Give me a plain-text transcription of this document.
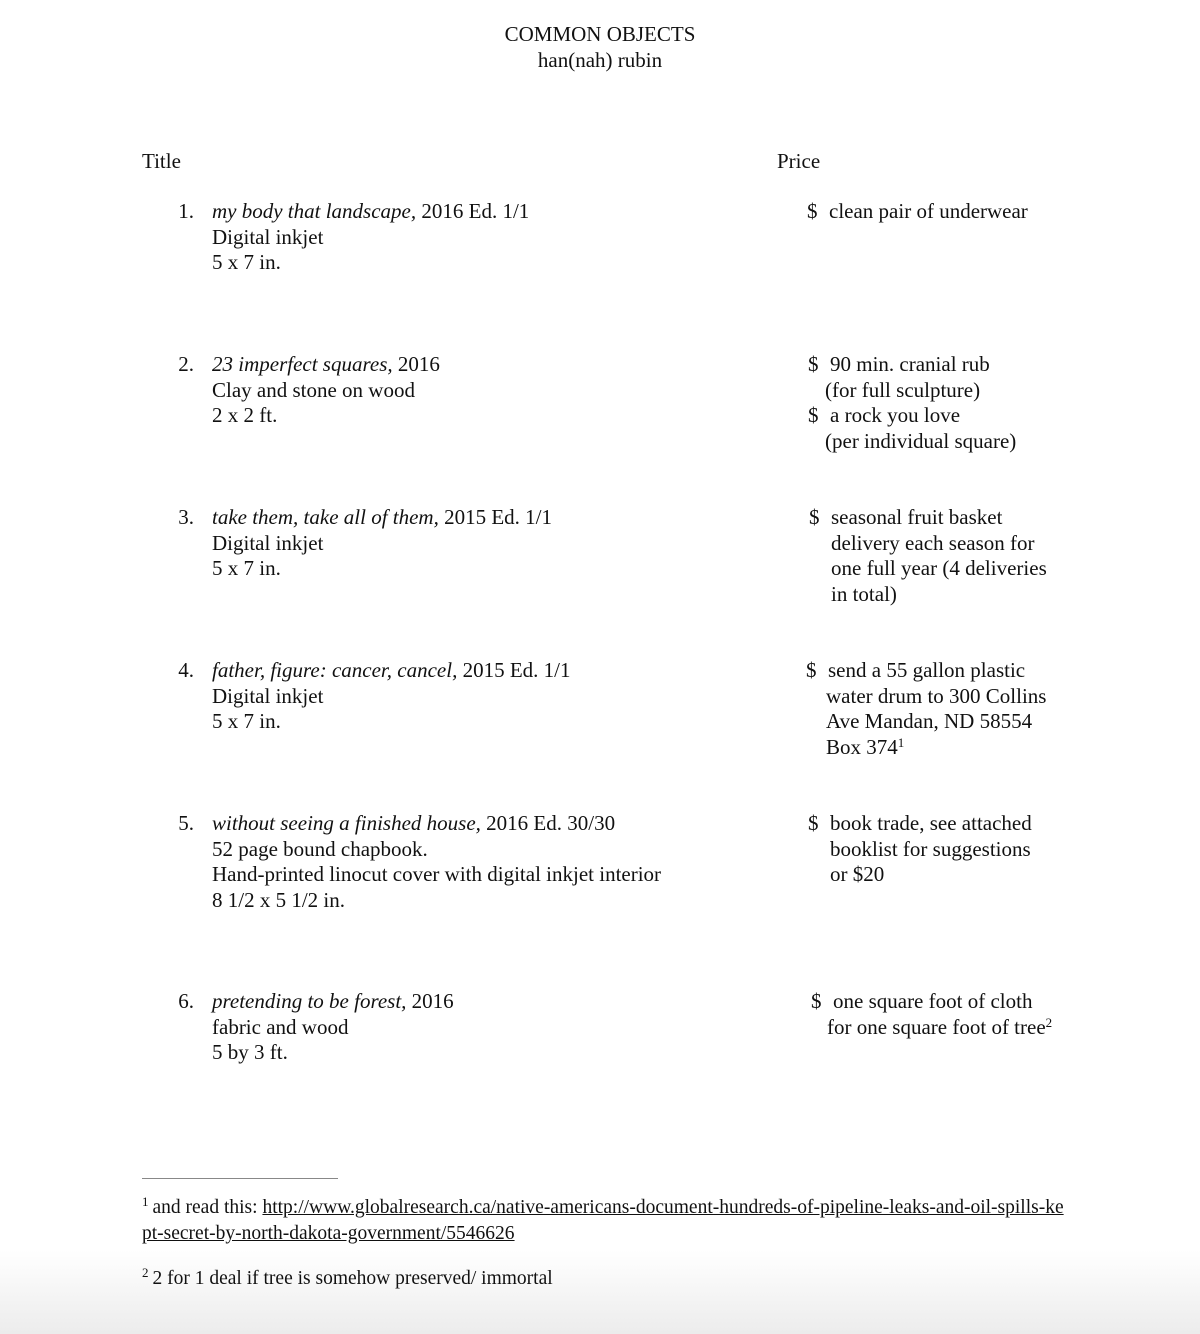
COMMON OBJECTS
han(nah) rubin
Title	Price
1. my body that landscape, 2016 Ed. 1/1
Digital inkjet
5 x 7 in.
$ clean pair of underwear
2. 23 imperfect squares, 2016
Clay and stone on wood
2 x 2 ft.
$ 90 min. cranial rub
(for full sculpture)
$ a rock you love
(per individual square)
3. take them, take all of them, 2015 Ed. 1/1
Digital inkjet
5 x 7 in.
$ seasonal fruit basket
delivery each season for
one full year (4 deliveries
in total)
4. father, figure: cancer, cancel, 2015 Ed. 1/1
Digital inkjet
5 x 7 in.
$ send a 55 gallon plastic
water drum to 300 Collins
Ave Mandan, ND 58554
Box $374^1$
5. without seeing a finished house, 2016 Ed. 30/30
52 page bound chapbook.
Hand-printed linocut cover with digital inkjet interior
8 1/2 x 5 1/2 in.
$ book trade, see attached
booklist for suggestions
or $20
6. pretending to be forest, 2016
fabric and wood
5 by 3 ft.
$ one square foot of cloth
for one square foot of tree$^2$
$^1$ and read this: http://www.globalresearch.ca/native-americans-document-hundreds-of-pipeline-leaks-and-oil-spills-kept-secret-by-north-dakota-government/5546626
$^2$ 2 for 1 deal if tree is somehow preserved/ immortal
